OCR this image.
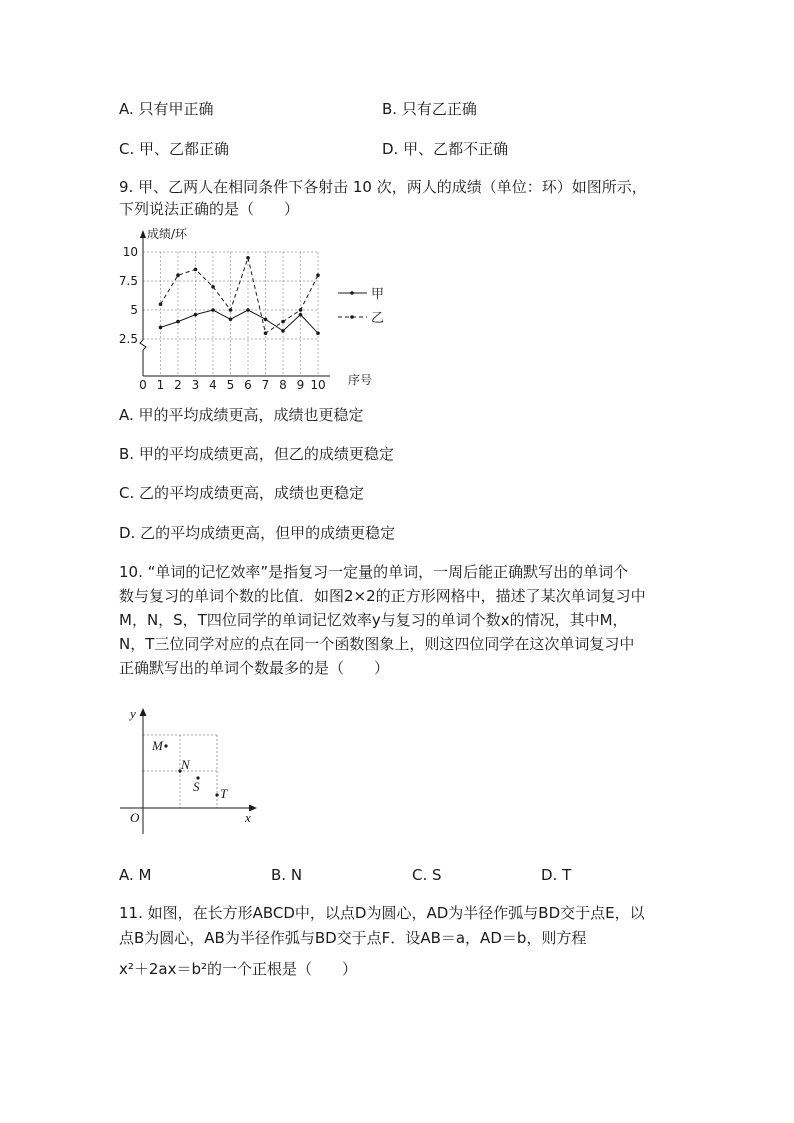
A. 只有甲正确	B. 只有乙正确
C. 甲、乙都正确	D. 甲、乙都不正确
9. 甲、乙两人在相同条件下各射击 10 次，两人的成绩（单位：环）如图所示，
下列说法正确的是（　　）
成绩/环
序号
10
7.5
5
2.5
0 1 2 3 4 5 6 7 8 9 10
甲
乙
A. 甲的平均成绩更高，成绩也更稳定
B. 甲的平均成绩更高，但乙的成绩更稳定
C. 乙的平均成绩更高，成绩也更稳定
D. 乙的平均成绩更高，但甲的成绩更稳定
10. “单词的记忆效率”是指复习一定量的单词，一周后能正确默写出的单词个
数与复习的单词个数的比值．如图2×2的正方形网格中，描述了某次单词复习中
M，N，S，T四位同学的单词记忆效率y与复习的单词个数x的情况，其中M，
N，T三位同学对应的点在同一个函数图象上，则这四位同学在这次单词复习中
正确默写出的单词个数最多的是（　　）
y
x
O
M
N
S T
A. M	B. N	C. S	D. T
11. 如图，在长方形ABCD中，以点D为圆心，AD为半径作弧与BD交于点E，以
点B为圆心，AB为半径作弧与BD交于点F．设AB＝a，AD＝b，则方程
x²＋2ax＝b²的一个正根是（　　）
